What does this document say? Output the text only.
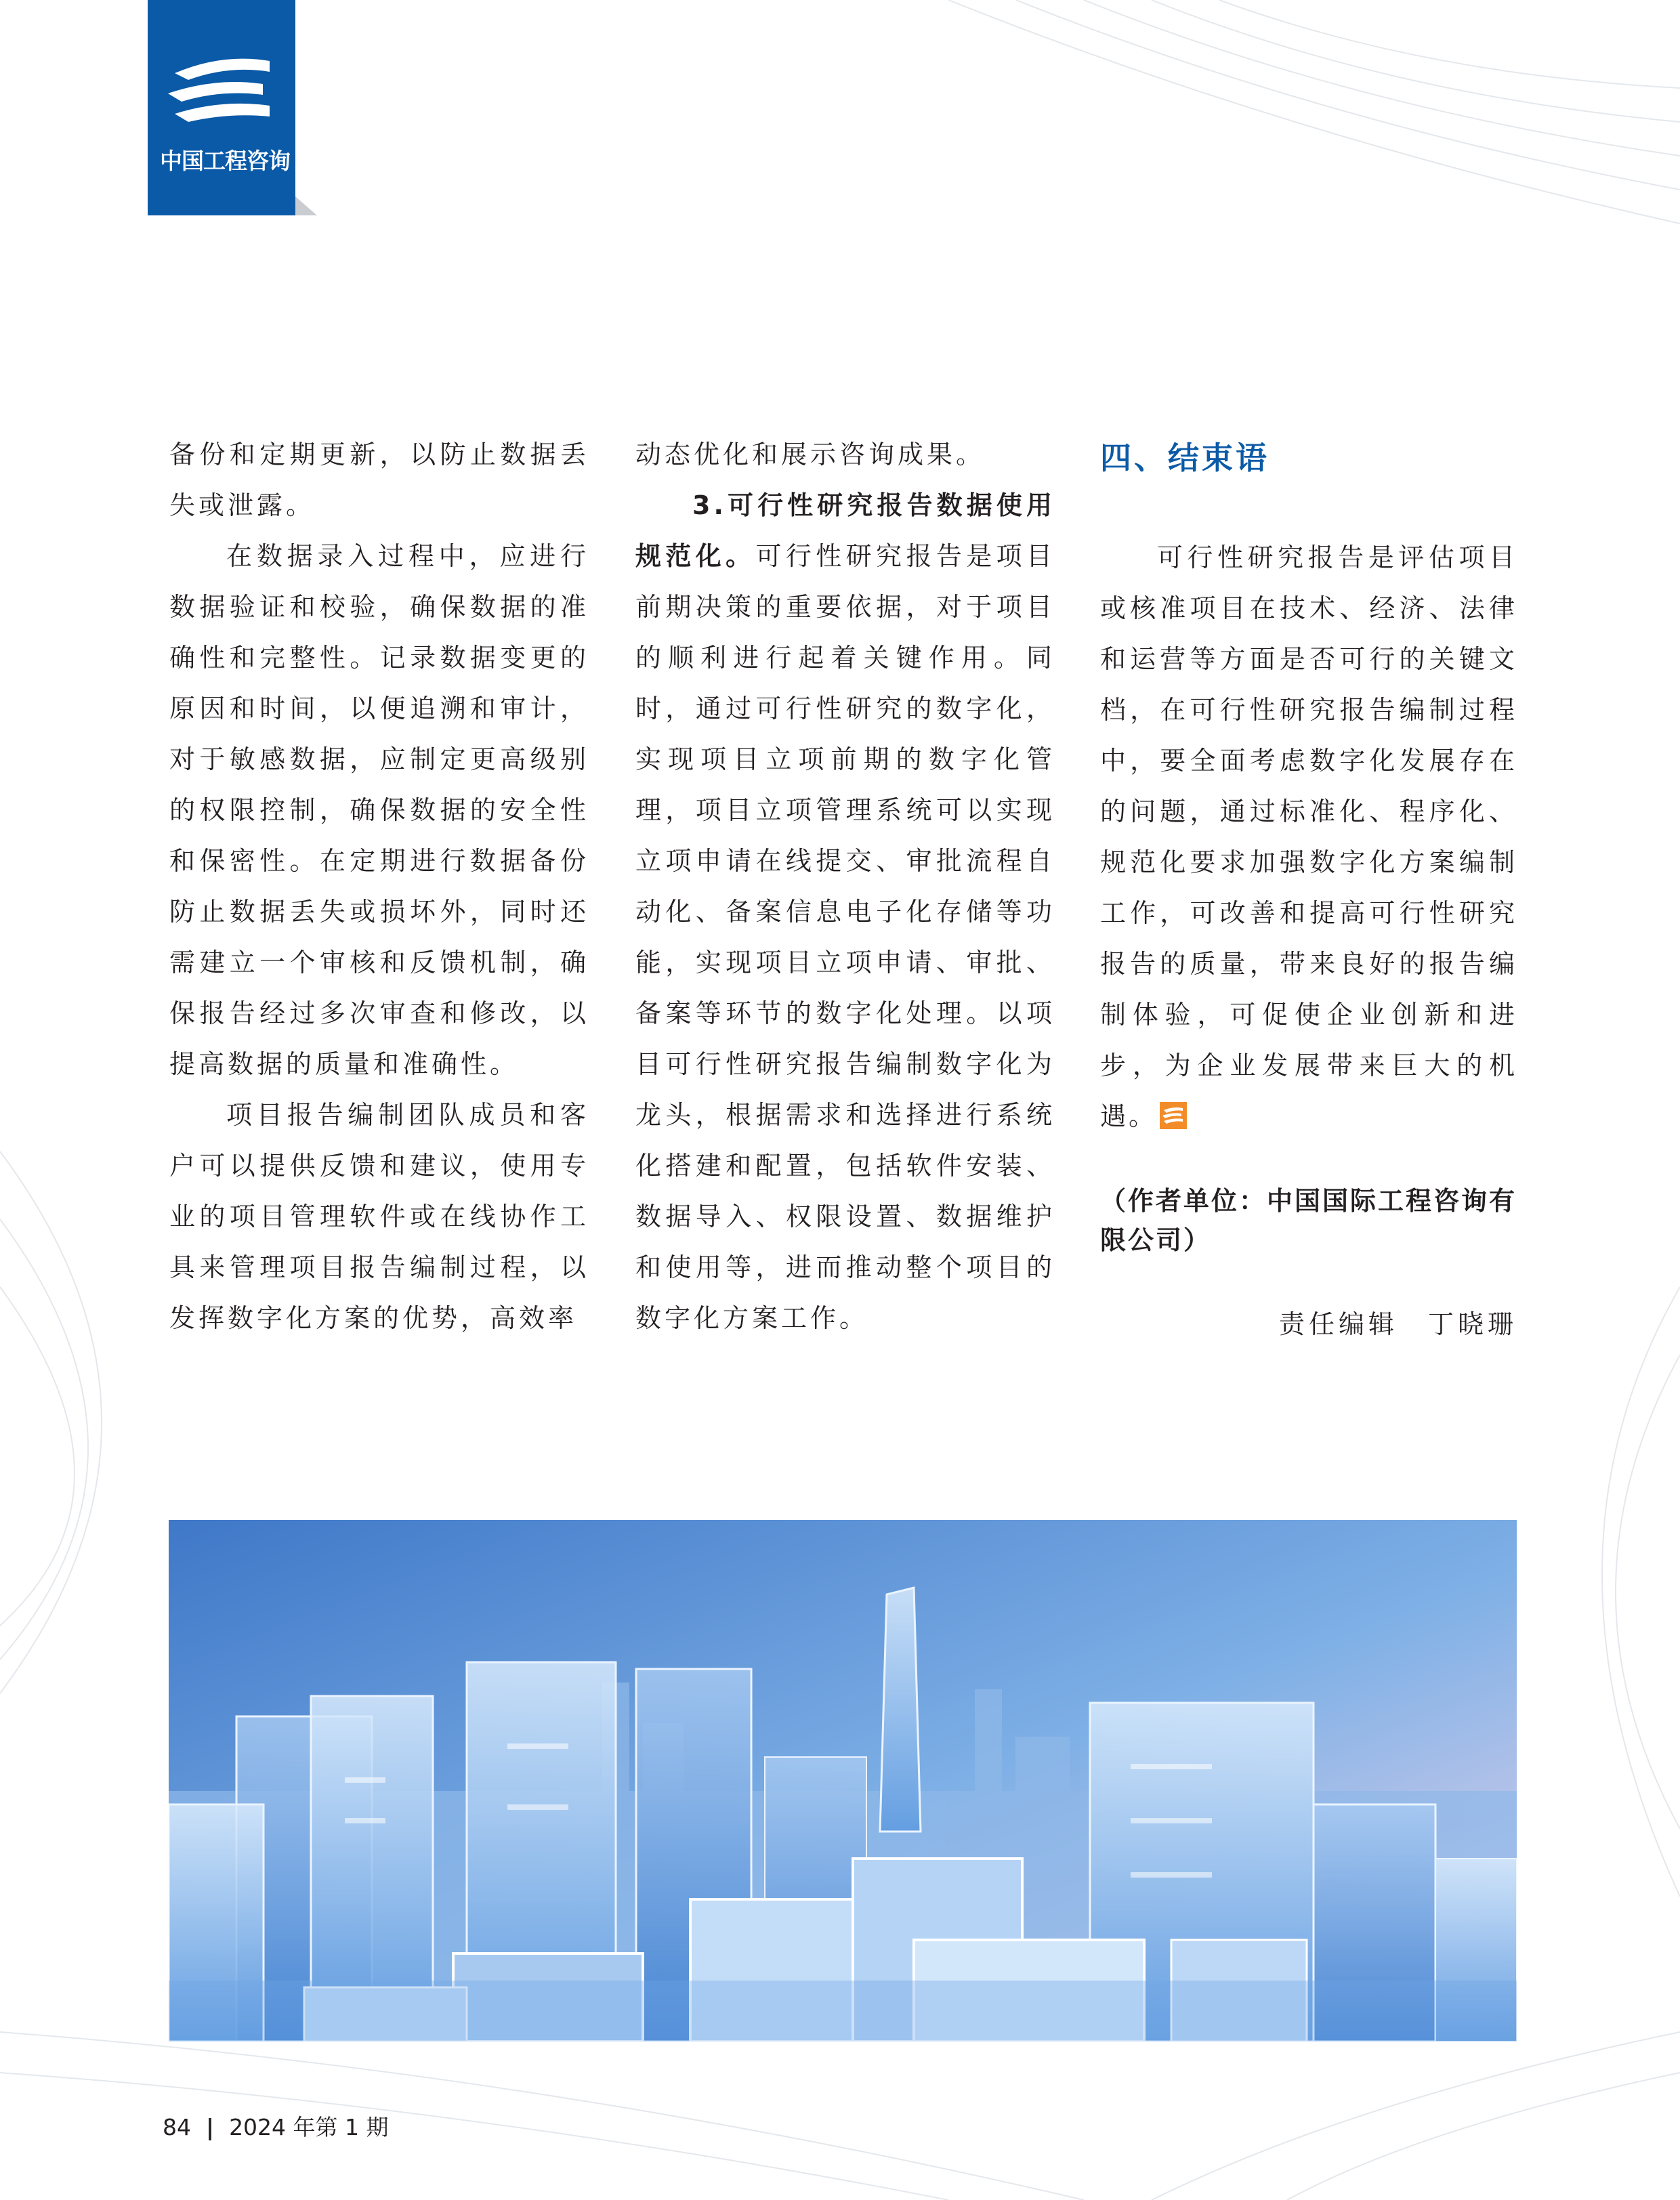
中国工程咨询

备份和定期更新，以防止数据丢失或泄露。

在数据录入过程中，应进行数据验证和校验，确保数据的准确性和完整性。记录数据变更的原因和时间，以便追溯和审计，对于敏感数据，应制定更高级别的权限控制，确保数据的安全性和保密性。在定期进行数据备份防止数据丢失或损坏外，同时还需建立一个审核和反馈机制，确保报告经过多次审查和修改，以提高数据的质量和准确性。

项目报告编制团队成员和客户可以提供反馈和建议，使用专业的项目管理软件或在线协作工具来管理项目报告编制过程，以发挥数字化方案的优势，高效率

动态优化和展示咨询成果。

3.可行性研究报告数据使用规范化。可行性研究报告是项目前期决策的重要依据，对于项目的顺利进行起着关键作用。同时，通过可行性研究的数字化，实现项目立项前期的数字化管理，项目立项管理系统可以实现立项申请在线提交、审批流程自动化、备案信息电子化存储等功能，实现项目立项申请、审批、备案等环节的数字化处理。以项目可行性研究报告编制数字化为龙头，根据需求和选择进行系统化搭建和配置，包括软件安装、数据导入、权限设置、数据维护和使用等，进而推动整个项目的数字化方案工作。

四、结束语

可行性研究报告是评估项目或核准项目在技术、经济、法律和运营等方面是否可行的关键文档，在可行性研究报告编制过程中，要全面考虑数字化发展存在的问题，通过标准化、程序化、规范化要求加强数字化方案编制工作，可改善和提高可行性研究报告的质量，带来良好的报告编制体验，可促使企业创新和进步，为企业发展带来巨大的机遇。

（作者单位：中国国际工程咨询有限公司）
责任编辑　丁晓珊
84 | 2024 年第 1 期
